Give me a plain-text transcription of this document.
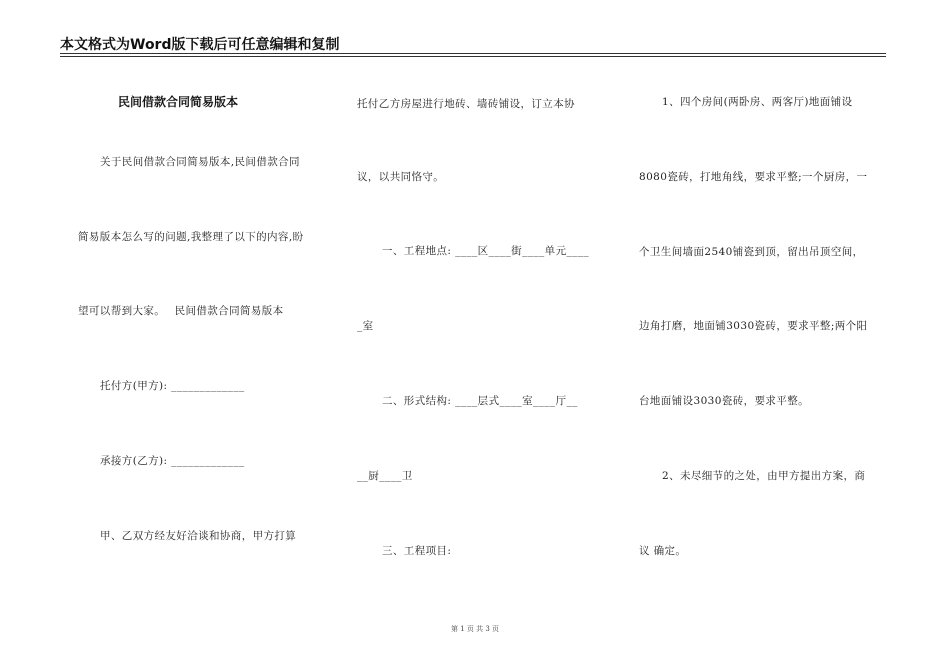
本文格式为Word版下载后可任意编辑和复制
民间借款合同简易版本
关于民间借款合同简易版本,民间借款合同
简易版本怎么写的问题,我整理了以下的内容,盼
望可以帮到大家。　 民间借款合同简易版本
托付方(甲方): _____________
承接方(乙方): _____________
甲、乙双方经友好洽谈和协商，甲方打算
托付乙方房屋进行地砖、墙砖铺设，订立本协
议，以共同恪守。
一、工程地点: ____区____街____单元____
_室
二、形式结构: ____层式____室____厅__
__厨____卫
三、工程项目:
1、四个房间(两卧房、两客厅)地面铺设
8080瓷砖，打地角线，要求平整;一个厨房，一
个卫生间墙面2540铺瓷到顶，留出吊顶空间，
边角打磨，地面铺3030瓷砖，要求平整;两个阳
台地面铺设3030瓷砖，要求平整。
2、未尽细节的之处，由甲方提出方案，商
议 确定。
第 1 页 共 3 页
